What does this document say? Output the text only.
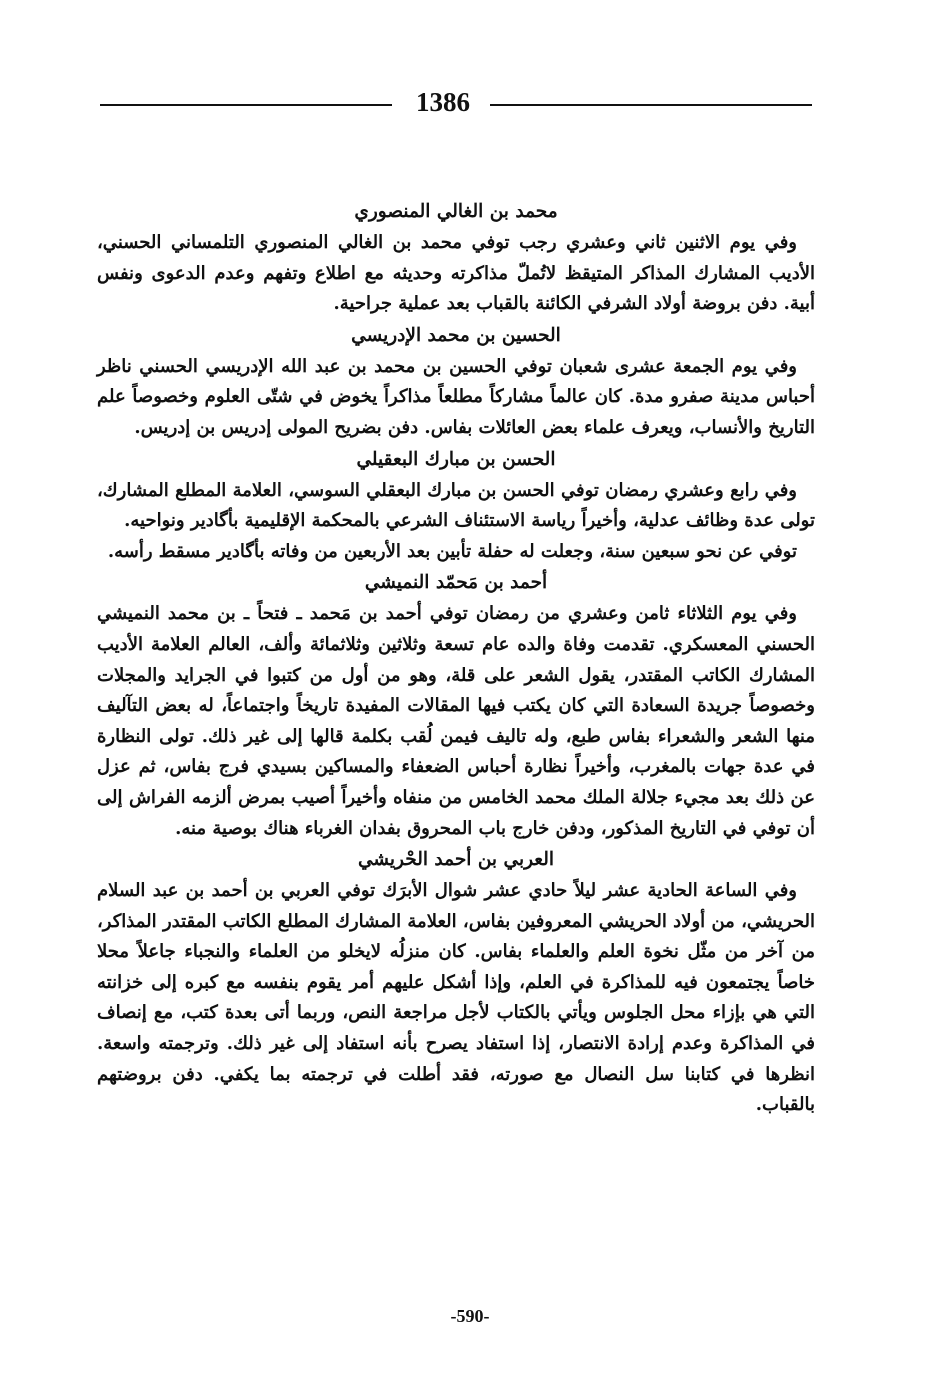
1386
محمد بن الغالي المنصوري

وفي يوم الاثنين ثاني وعشري رجب توفي محمد بن الغالي المنصوري التلمساني الحسني، الأديب المشارك المذاكر المتيقظ لاتُملّ مذاكرته وحديثه مع اطلاع وتفهم وعدم الدعوى ونفس أبية. دفن بروضة أولاد الشرفي الكائنة بالقباب بعد عملية جراحية.

الحسين بن محمد الإدريسي

وفي يوم الجمعة عشرى شعبان توفي الحسين بن محمد بن عبد الله الإدريسي الحسني ناظر أحباس مدينة صفرو مدة. كان عالماً مشاركاً مطلعاً مذاكراً يخوض في شتّى العلوم وخصوصاً علم التاريخ والأنساب، ويعرف علماء بعض العائلات بفاس. دفن بضريح المولى إدريس بن إدريس.

الحسن بن مبارك البعقيلي

وفي رابع وعشري رمضان توفي الحسن بن مبارك البعقلي السوسي، العلامة المطلع المشارك، تولى عدة وظائف عدلية، وأخيراً رياسة الاستئناف الشرعي بالمحكمة الإقليمية بأگادير ونواحيه.

توفي عن نحو سبعين سنة، وجعلت له حفلة تأبين بعد الأربعين من وفاته بأگادير مسقط رأسه.

أحمد بن مَحمّد النميشي

وفي يوم الثلاثاء ثامن وعشري من رمضان توفي أحمد بن مَحمد ـ فتحاً ـ بن محمد النميشي الحسني المعسكري. تقدمت وفاة والده عام تسعة وثلاثين وثلاثمائة وألف، العالم العلامة الأديب المشارك الكاتب المقتدر، يقول الشعر على قلة، وهو من أول من كتبوا في الجرايد والمجلات وخصوصاً جريدة السعادة التي كان يكتب فيها المقالات المفيدة تاريخاً واجتماعاً، له بعض التآليف منها الشعر والشعراء بفاس طبع، وله تاليف فيمن لُقب بكلمة قالها إلى غير ذلك. تولى النظارة في عدة جهات بالمغرب، وأخيراً نظارة أحباس الضعفاء والمساكين بسيدي فرج بفاس، ثم عزل عن ذلك بعد مجيء جلالة الملك محمد الخامس من منفاه وأخيراً أصيب بمرض ألزمه الفراش إلى أن توفي في التاريخ المذكور، ودفن خارج باب المحروق بفدان الغرباء هناك بوصية منه.

العربي بن أحمد الحْريشي

وفي الساعة الحادية عشر ليلاً حادي عشر شوال الأبرَك توفي العربي بن أحمد بن عبد السلام الحريشي، من أولاد الحريشي المعروفين بفاس، العلامة المشارك المطلع الكاتب المقتدر المذاكر، من آخر من مثّل نخوة العلم والعلماء بفاس. كان منزلُه لايخلو من العلماء والنجباء جاعلاً محلا خاصاً يجتمعون فيه للمذاكرة في العلم، وإذا أشكل عليهم أمر يقوم بنفسه مع كبره إلى خزانته التي هي بإزاء محل الجلوس ويأتي بالكتاب لأجل مراجعة النص، وربما أتى بعدة كتب، مع إنصاف في المذاكرة وعدم إرادة الانتصار، إذا استفاد يصرح بأنه استفاد إلى غير ذلك. وترجمته واسعة. انظرها في كتابنا سل النصال مع صورته، فقد أطلت في ترجمته بما يكفي. دفن بروضتهم بالقباب.

-590-
